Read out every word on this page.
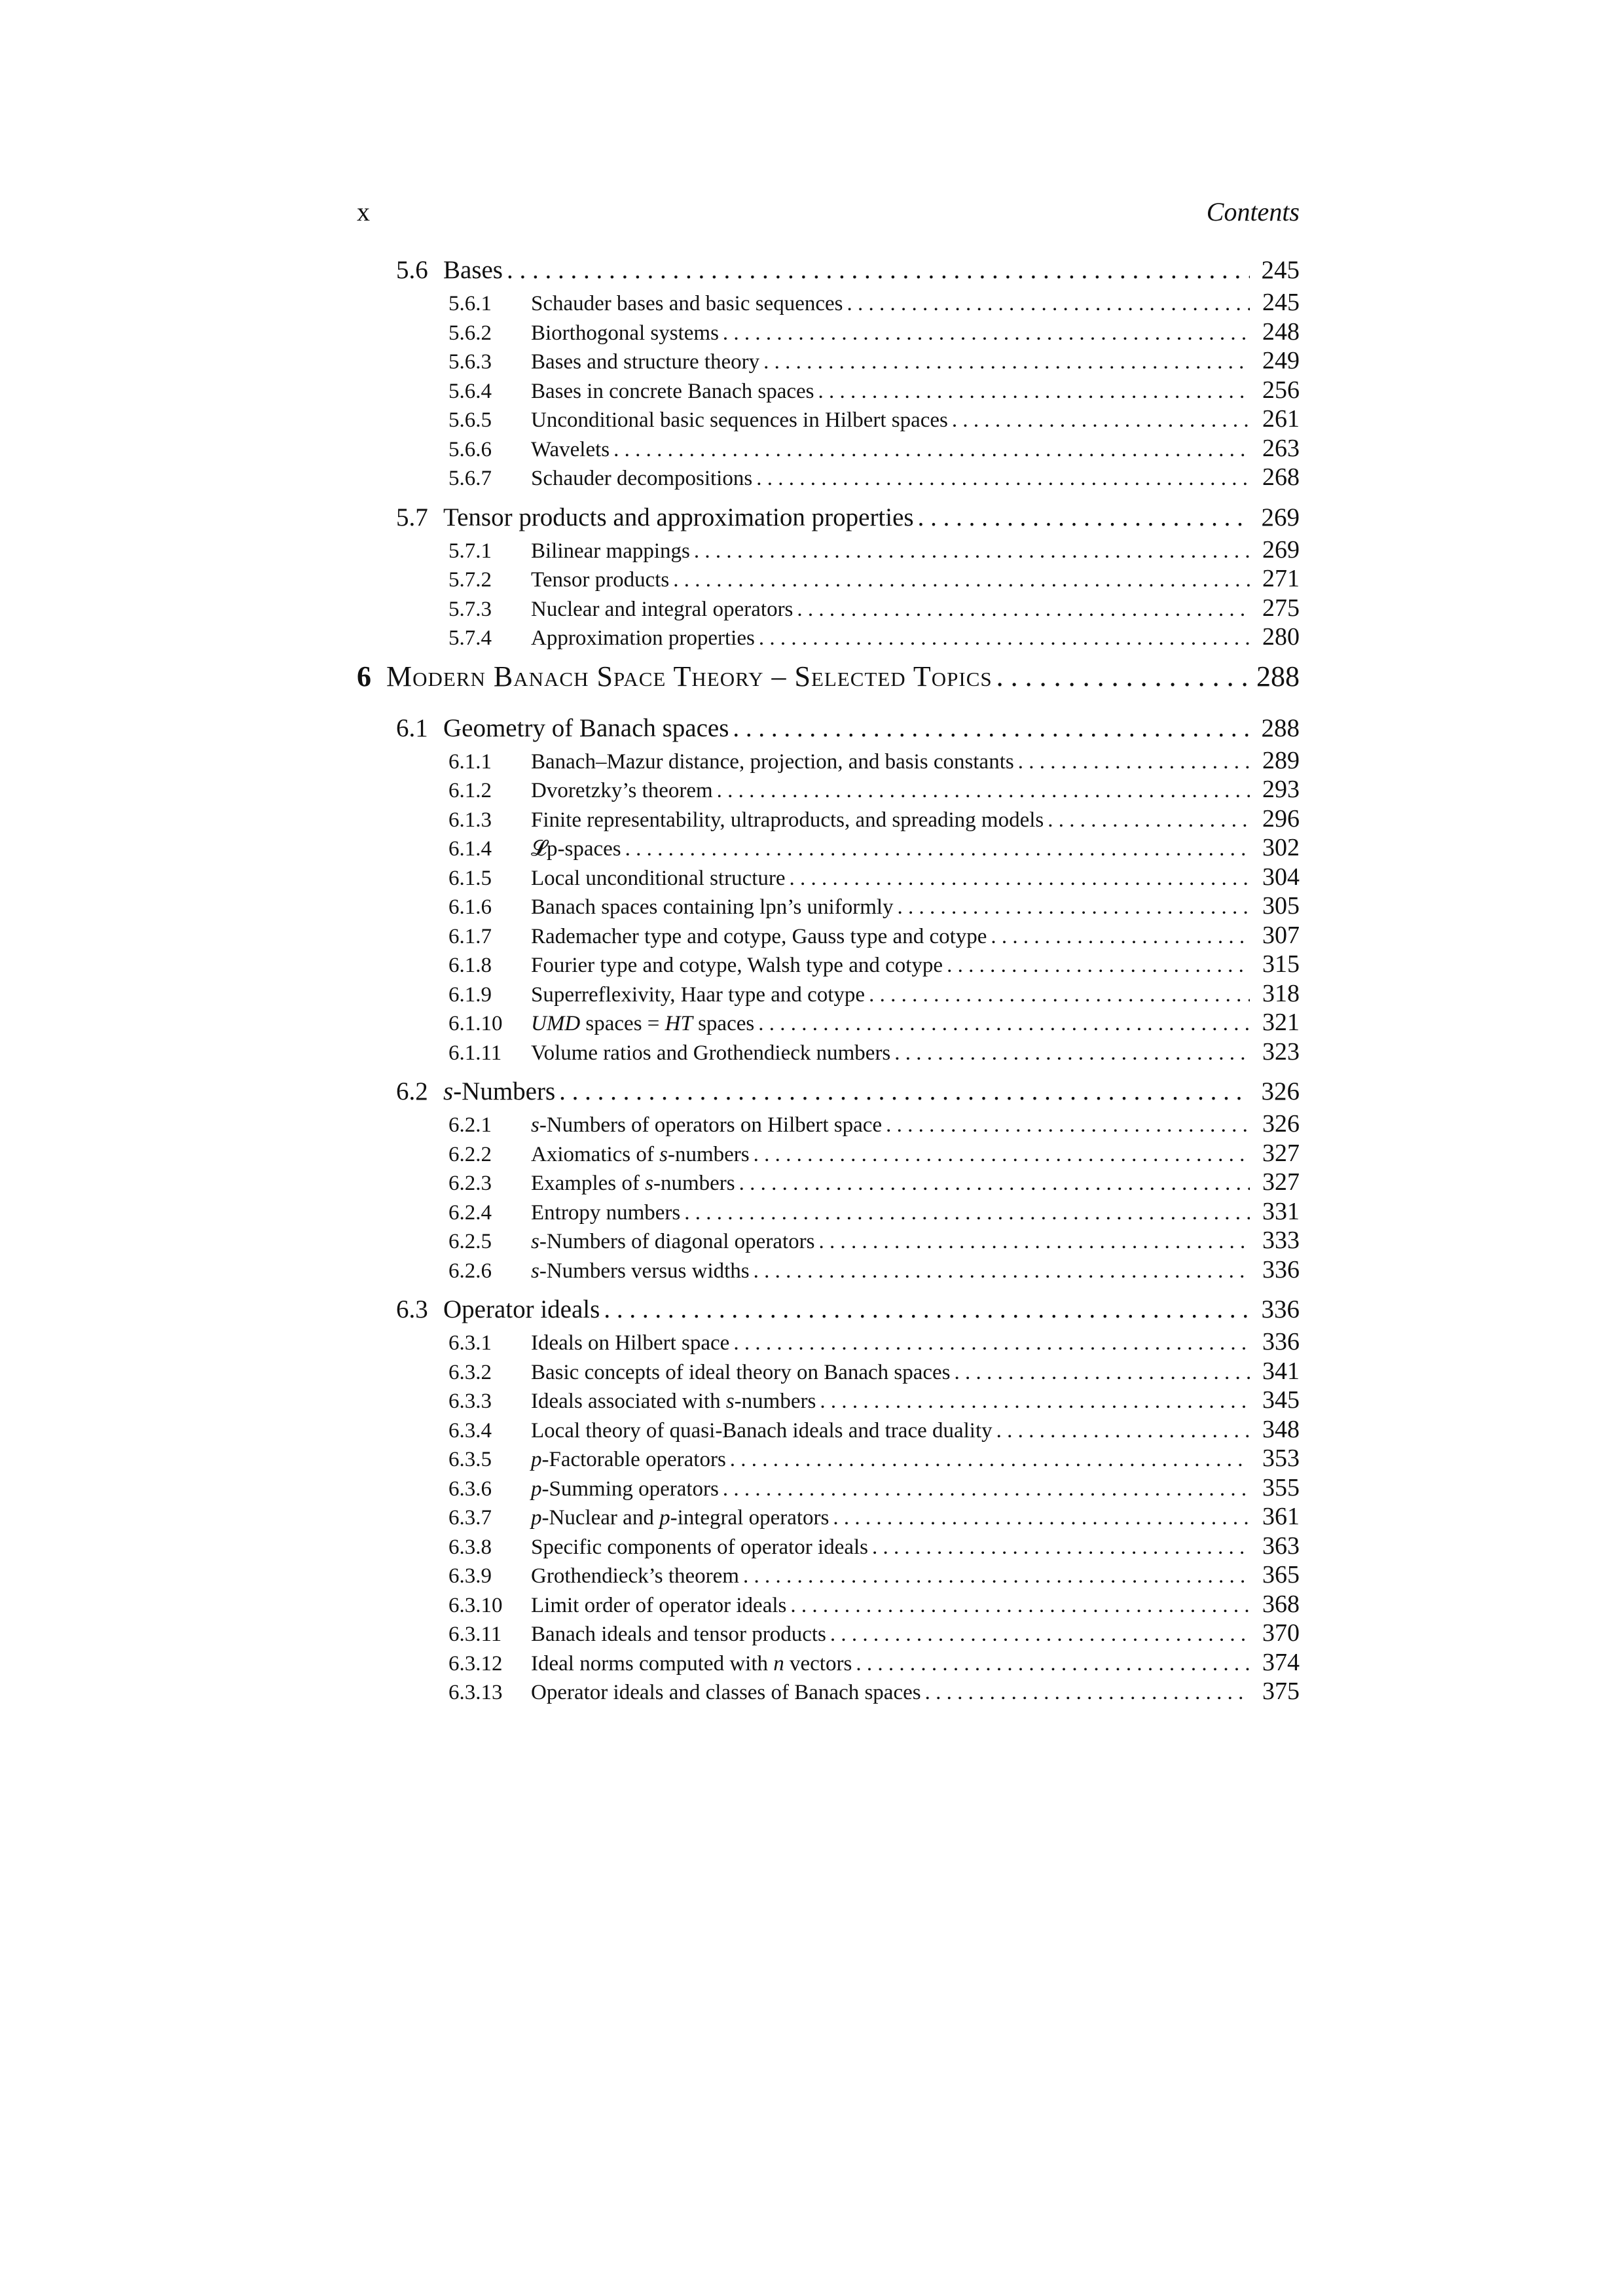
x	Contents
5.6 Bases . . .	245
5.6.1	Schauder bases and basic sequences . . .	245
5.6.2	Biorthogonal systems . . .	248
5.6.3	Bases and structure theory . . .	249
5.6.4	Bases in concrete Banach spaces . . .	256
5.6.5	Unconditional basic sequences in Hilbert spaces . . .	261
5.6.6	Wavelets . . .	263
5.6.7	Schauder decompositions . . .	268
5.7 Tensor products and approximation properties . . .	269
5.7.1	Bilinear mappings . . .	269
5.7.2	Tensor products . . .	271
5.7.3	Nuclear and integral operators . . .	275
5.7.4	Approximation properties . . .	280
6 Modern Banach Space Theory – Selected Topics . . .	288
6.1 Geometry of Banach spaces . . .	288
6.1.1	Banach–Mazur distance, projection, and basis constants . . .	289
6.1.2	Dvoretzky’s theorem . . .	293
6.1.3	Finite representability, ultraproducts, and spreading models . . .	296
6.1.4	𝓛p-spaces . . .	302
6.1.5	Local unconditional structure . . .	304
6.1.6	Banach spaces containing lpn’s uniformly . . .	305
6.1.7	Rademacher type and cotype, Gauss type and cotype . . .	307
6.1.8	Fourier type and cotype, Walsh type and cotype . . .	315
6.1.9	Superreflexivity, Haar type and cotype . . .	318
6.1.10	UMD spaces = HT spaces . . .	321
6.1.11	Volume ratios and Grothendieck numbers . . .	323
6.2 s-Numbers . . .	326
6.2.1	s-Numbers of operators on Hilbert space . . .	326
6.2.2	Axiomatics of s-numbers . . .	327
6.2.3	Examples of s-numbers . . .	327
6.2.4	Entropy numbers . . .	331
6.2.5	s-Numbers of diagonal operators . . .	333
6.2.6	s-Numbers versus widths . . .	336
6.3 Operator ideals . . .	336
6.3.1	Ideals on Hilbert space . . .	336
6.3.2	Basic concepts of ideal theory on Banach spaces . . .	341
6.3.3	Ideals associated with s-numbers . . .	345
6.3.4	Local theory of quasi-Banach ideals and trace duality . . .	348
6.3.5	p-Factorable operators . . .	353
6.3.6	p-Summing operators . . .	355
6.3.7	p-Nuclear and p-integral operators . . .	361
6.3.8	Specific components of operator ideals . . .	363
6.3.9	Grothendieck’s theorem . . .	365
6.3.10	Limit order of operator ideals . . .	368
6.3.11	Banach ideals and tensor products . . .	370
6.3.12	Ideal norms computed with n vectors . . .	374
6.3.13	Operator ideals and classes of Banach spaces . . .	375
